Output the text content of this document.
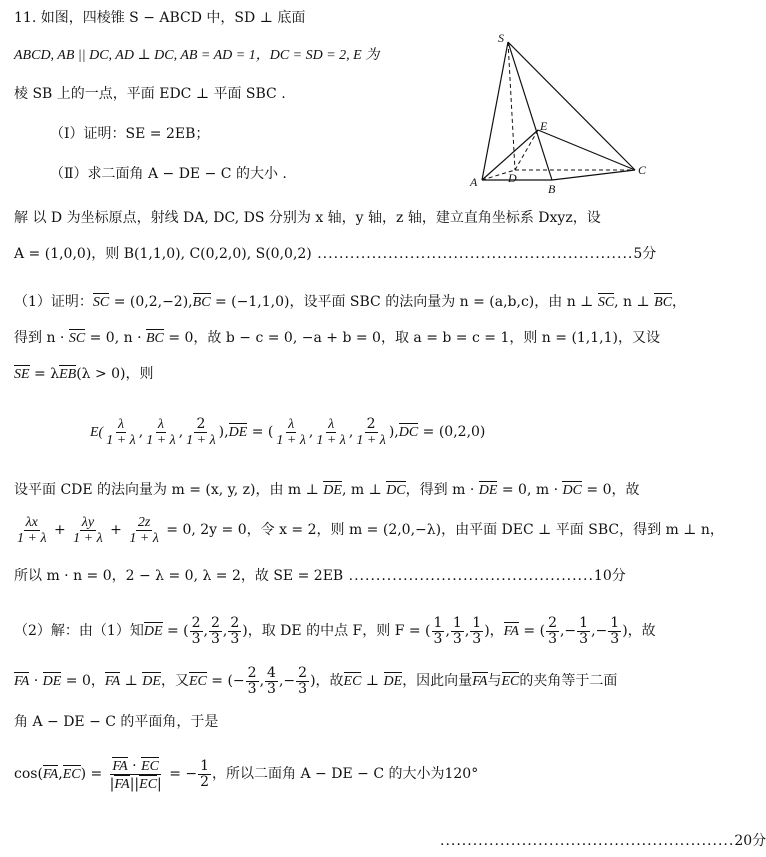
11. 如图，四棱锥 S − ABCD 中，SD ⊥ 底面
ABCD, AB || DC, AD ⊥ DC, AB = AD = 1，DC = SD = 2, E 为
棱 SB 上的一点，平面 EDC ⊥ 平面 SBC .
（Ⅰ）证明：SE = 2EB；
（Ⅱ）求二面角 A − DE − C 的大小 .
S
A	B
C
D
E
解 以 D 为坐标原点，射线 DA, DC, DS 分别为 x 轴，y 轴，z 轴，建立直角坐标系 Dxyz，设
A = (1,0,0)，则 B(1,1,0), C(0,2,0), S(0,0,2) ..........................................................5分
（1）证明：SC = (0,2,−2),BC = (−1,1,0)，设平面 SBC 的法向量为 n = (a,b,c)，由 n ⊥ SC, n ⊥ BC，
得到 n · SC = 0, n · BC = 0，故 b − c = 0, −a + b = 0，取 a = b = c = 1，则 n = (1,1,1)，又设
SE = λEB(λ > 0)，则
$E( \frac{\lambda}{1 + \lambda}$ , $\frac{\lambda}{1 + \lambda}$ , $\frac{2}{1 + \lambda} ),DE$ = ( $\frac{\lambda}{1 + \lambda}$ , $\frac{\lambda}{1 + \lambda}$ , $\frac{2}{1 + \lambda} ),DC = (0,2,0)$
设平面 CDE 的法向量为 m = (x, y, z)，由 m ⊥ DE, m ⊥ DC，得到 m · DE = 0, m · DC = 0，故
$\frac{\lambda x}{1 + \lambda} + \frac{\lambda y}{1 + \lambda} + \frac{2z}{1 + \lambda} = 0$, 2y = 0，令 x = 2，则 m = (2,0,−λ)，由平面 DEC ⊥ 平面 SBC，得到 m ⊥ n，
所以 m · n = 0，2 − λ = 0, λ = 2，故 SE = 2EB .............................................10分
（2）解：由（1）知DE = ( $\frac{2}{3}$ , $\frac{2}{3}$ , $\frac{2}{3}$ )，取 DE 的中点 F，则 F = ( $\frac{1}{3}$ , $\frac{1}{3}$ , $\frac{1}{3}$ )，FA = ( $\frac{2}{3}$ ,− $\frac{1}{3}$ ,− $\frac{1}{3}$ )，故
FA · DE = 0，FA ⊥ DE，又EC = (− $\frac{2}{3}$ , $\frac{4}{3}$ ,− $\frac{2}{3}$ )，故EC ⊥ DE，因此向量FA与EC的夹角等于二面
角 A − DE − C 的平面角，于是
$\cos(FA,EC) = \frac{FA \cdot EC}{|FA||EC|}$ = − $\frac{1}{2}$ ，所以二面角 A − DE − C 的大小为120°
......................................................20分
